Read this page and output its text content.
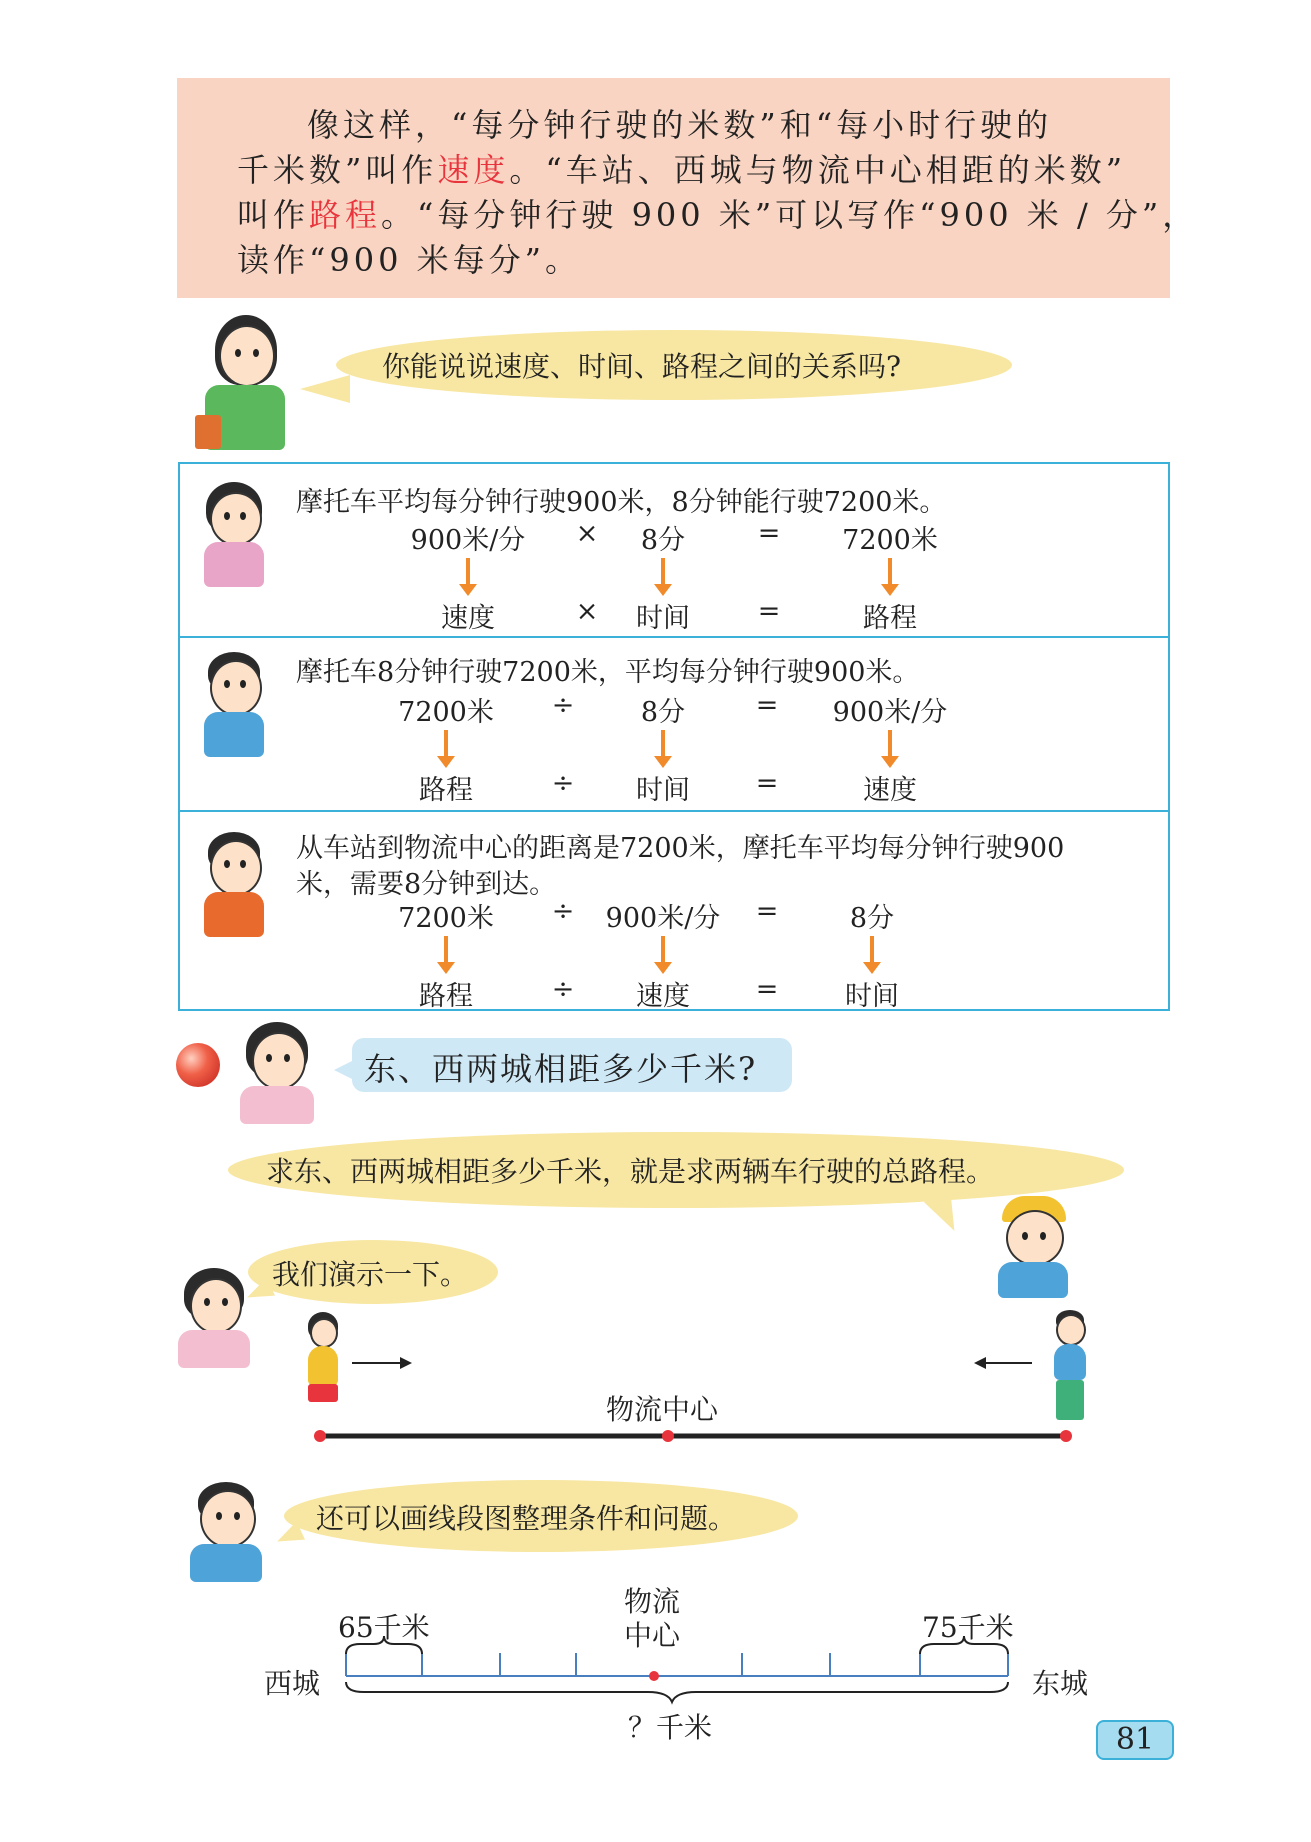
像这样，“每分钟行驶的米数”和“每小时行驶的
千米数”叫作速度。“车站、西城与物流中心相距的米数”
叫作路程。“每分钟行驶 900 米”可以写作“900 米 / 分”，
读作“900 米每分”。
你能说说速度、时间、路程之间的关系吗?
摩托车平均每分钟行驶900米，8分钟能行驶7200米。
900米/分 × 8分	= 7200米
速度	× 时间	=	路程
摩托车8分钟行驶7200米，平均每分钟行驶900米。
7200米 ÷ 8分	= 900米/分
路程	÷ 时间 =	速度
从车站到物流中心的距离是7200米，摩托车平均每分钟行驶900
米，需要8分钟到达。
7200米 ÷ 900米/分 =	8分
路程	÷ 速度 = 时间
东、西两城相距多少千米?
求东、西两城相距多少千米，就是求两辆车行驶的总路程。
我们演示一下。
物流中心
还可以画线段图整理条件和问题。
西城	东城
物流
中心
65千米	75千米
？千米	81
